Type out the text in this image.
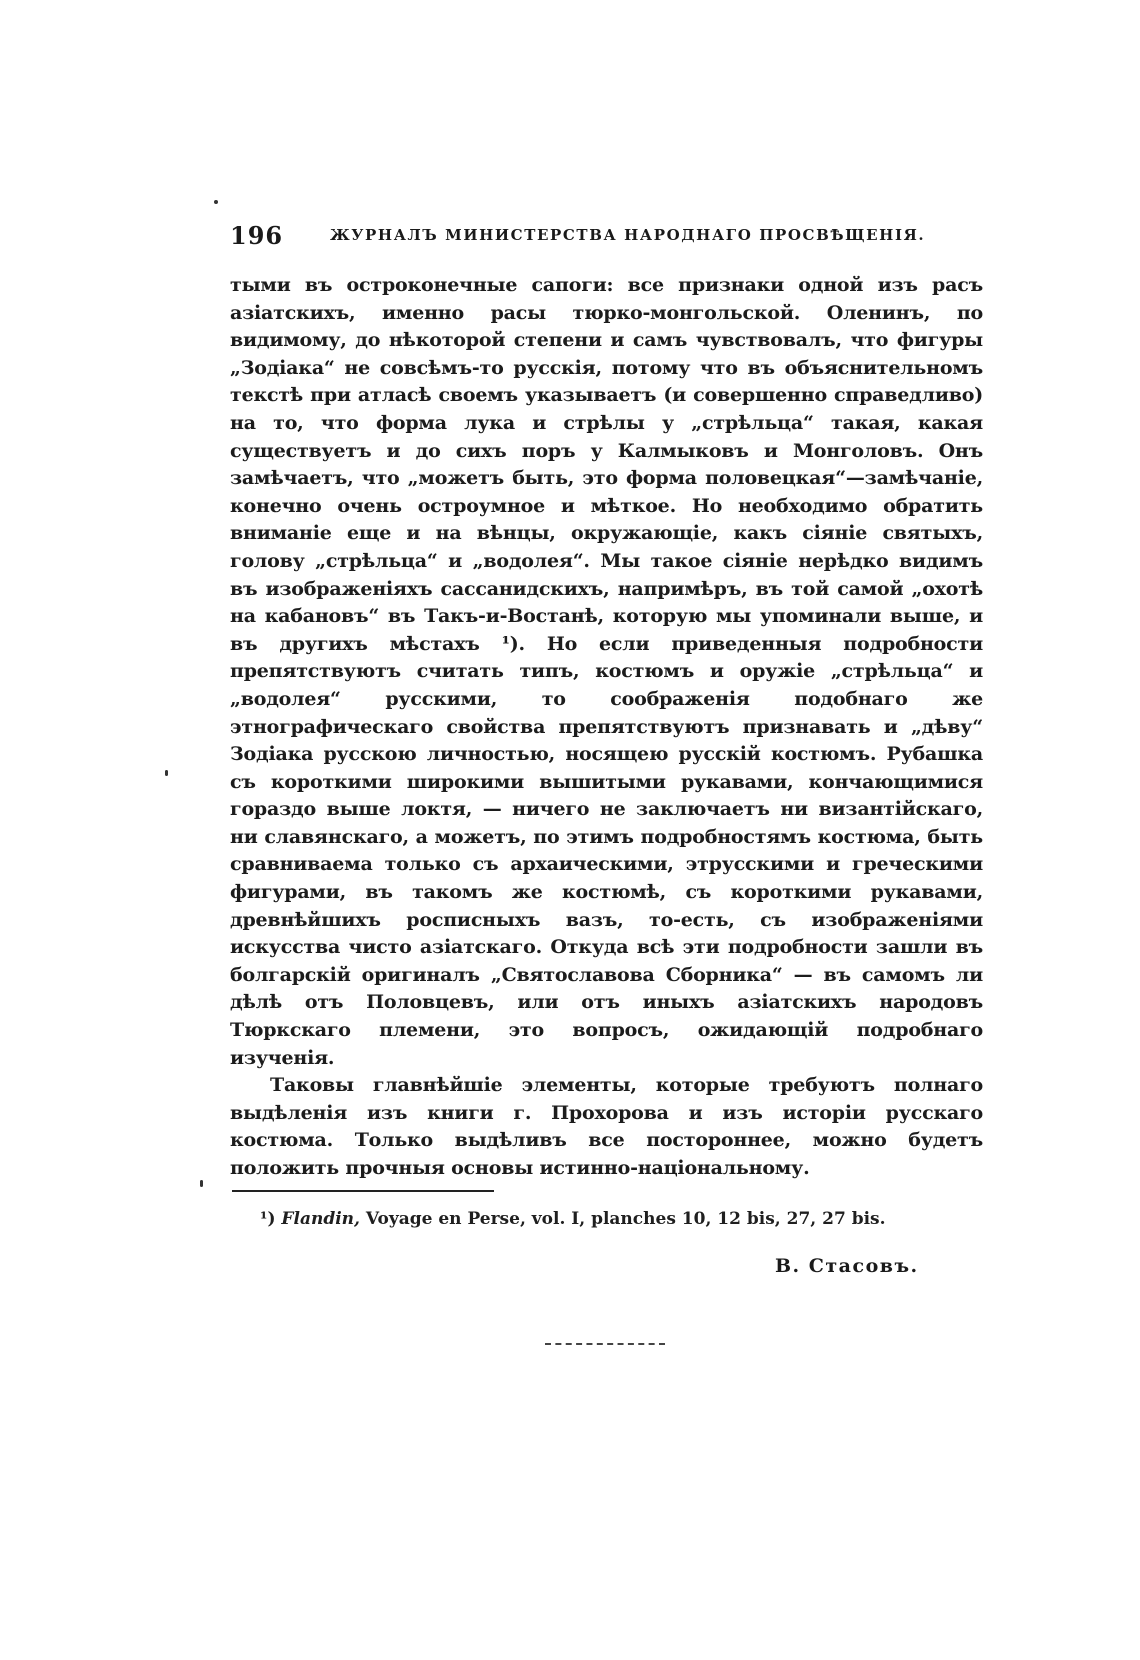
196	ЖУРНАЛЪ МИНИСТЕРСТВА НАРОДНАГО ПРОСВѢЩЕНІЯ.

тыми въ остроконечные сапоги: все признаки одной изъ расъ азіатскихъ, именно расы тюрко-монгольской. Оленинъ, по видимому, до нѣкоторой степени и самъ чувствовалъ, что фигуры „Зодіака“ не совсѣмъ-то русскія, потому что въ объяснительномъ текстѣ при атласѣ своемъ указываетъ (и совершенно справедливо) на то, что форма лука и стрѣлы у „стрѣльца“ такая, какая существуетъ и до сихъ поръ у Калмыковъ и Монголовъ. Онъ замѣчаетъ, что „можетъ быть, это форма половецкая“—замѣчаніе, конечно очень остроумное и мѣткое. Но необходимо обратить вниманіе еще и на вѣнцы, окружающіе, какъ сіяніе святыхъ, голову „стрѣльца“ и „водолея“. Мы такое сіяніе нерѣдко видимъ въ изображеніяхъ сассанидскихъ, напримѣръ, въ той самой „охотѣ на кабановъ“ въ Такъ-и-Востанѣ, которую мы упоминали выше, и въ другихъ мѣстахъ ¹). Но если приведенныя подробности препятствуютъ считать типъ, костюмъ и оружіе „стрѣльца“ и „водолея“ русскими, то соображенія подобнаго же этнографическаго свойства препятствуютъ признавать и „дѣву“ Зодіака русскою личностью, носящею русскій костюмъ. Рубашка съ короткими широкими вышитыми рукавами, кончающимися гораздо выше локтя, — ничего не заключаетъ ни византійскаго, ни славянскаго, а можетъ, по этимъ подробностямъ костюма, быть сравниваема только съ архаическими, этрусскими и греческими фигурами, въ такомъ же костюмѣ, съ короткими рукавами, древнѣйшихъ росписныхъ вазъ, то-есть, съ изображеніями искусства чисто азіатскаго. Откуда всѣ эти подробности зашли въ болгарскій оригиналъ „Святославова Сборника“ — въ самомъ ли дѣлѣ отъ Половцевъ, или отъ иныхъ азіатскихъ народовъ Тюркскаго племени, это вопросъ, ожидающій подробнаго изученія.

Таковы главнѣйшіе элементы, которые требуютъ полнаго выдѣленія изъ книги г. Прохорова и изъ исторіи русскаго костюма. Только выдѣливъ все постороннее, можно будетъ положить прочныя основы истинно-національному.

¹) Flandin, Voyage en Perse, vol. I, planches 10, 12 bis, 27, 27 bis.
В. Стасовъ.
